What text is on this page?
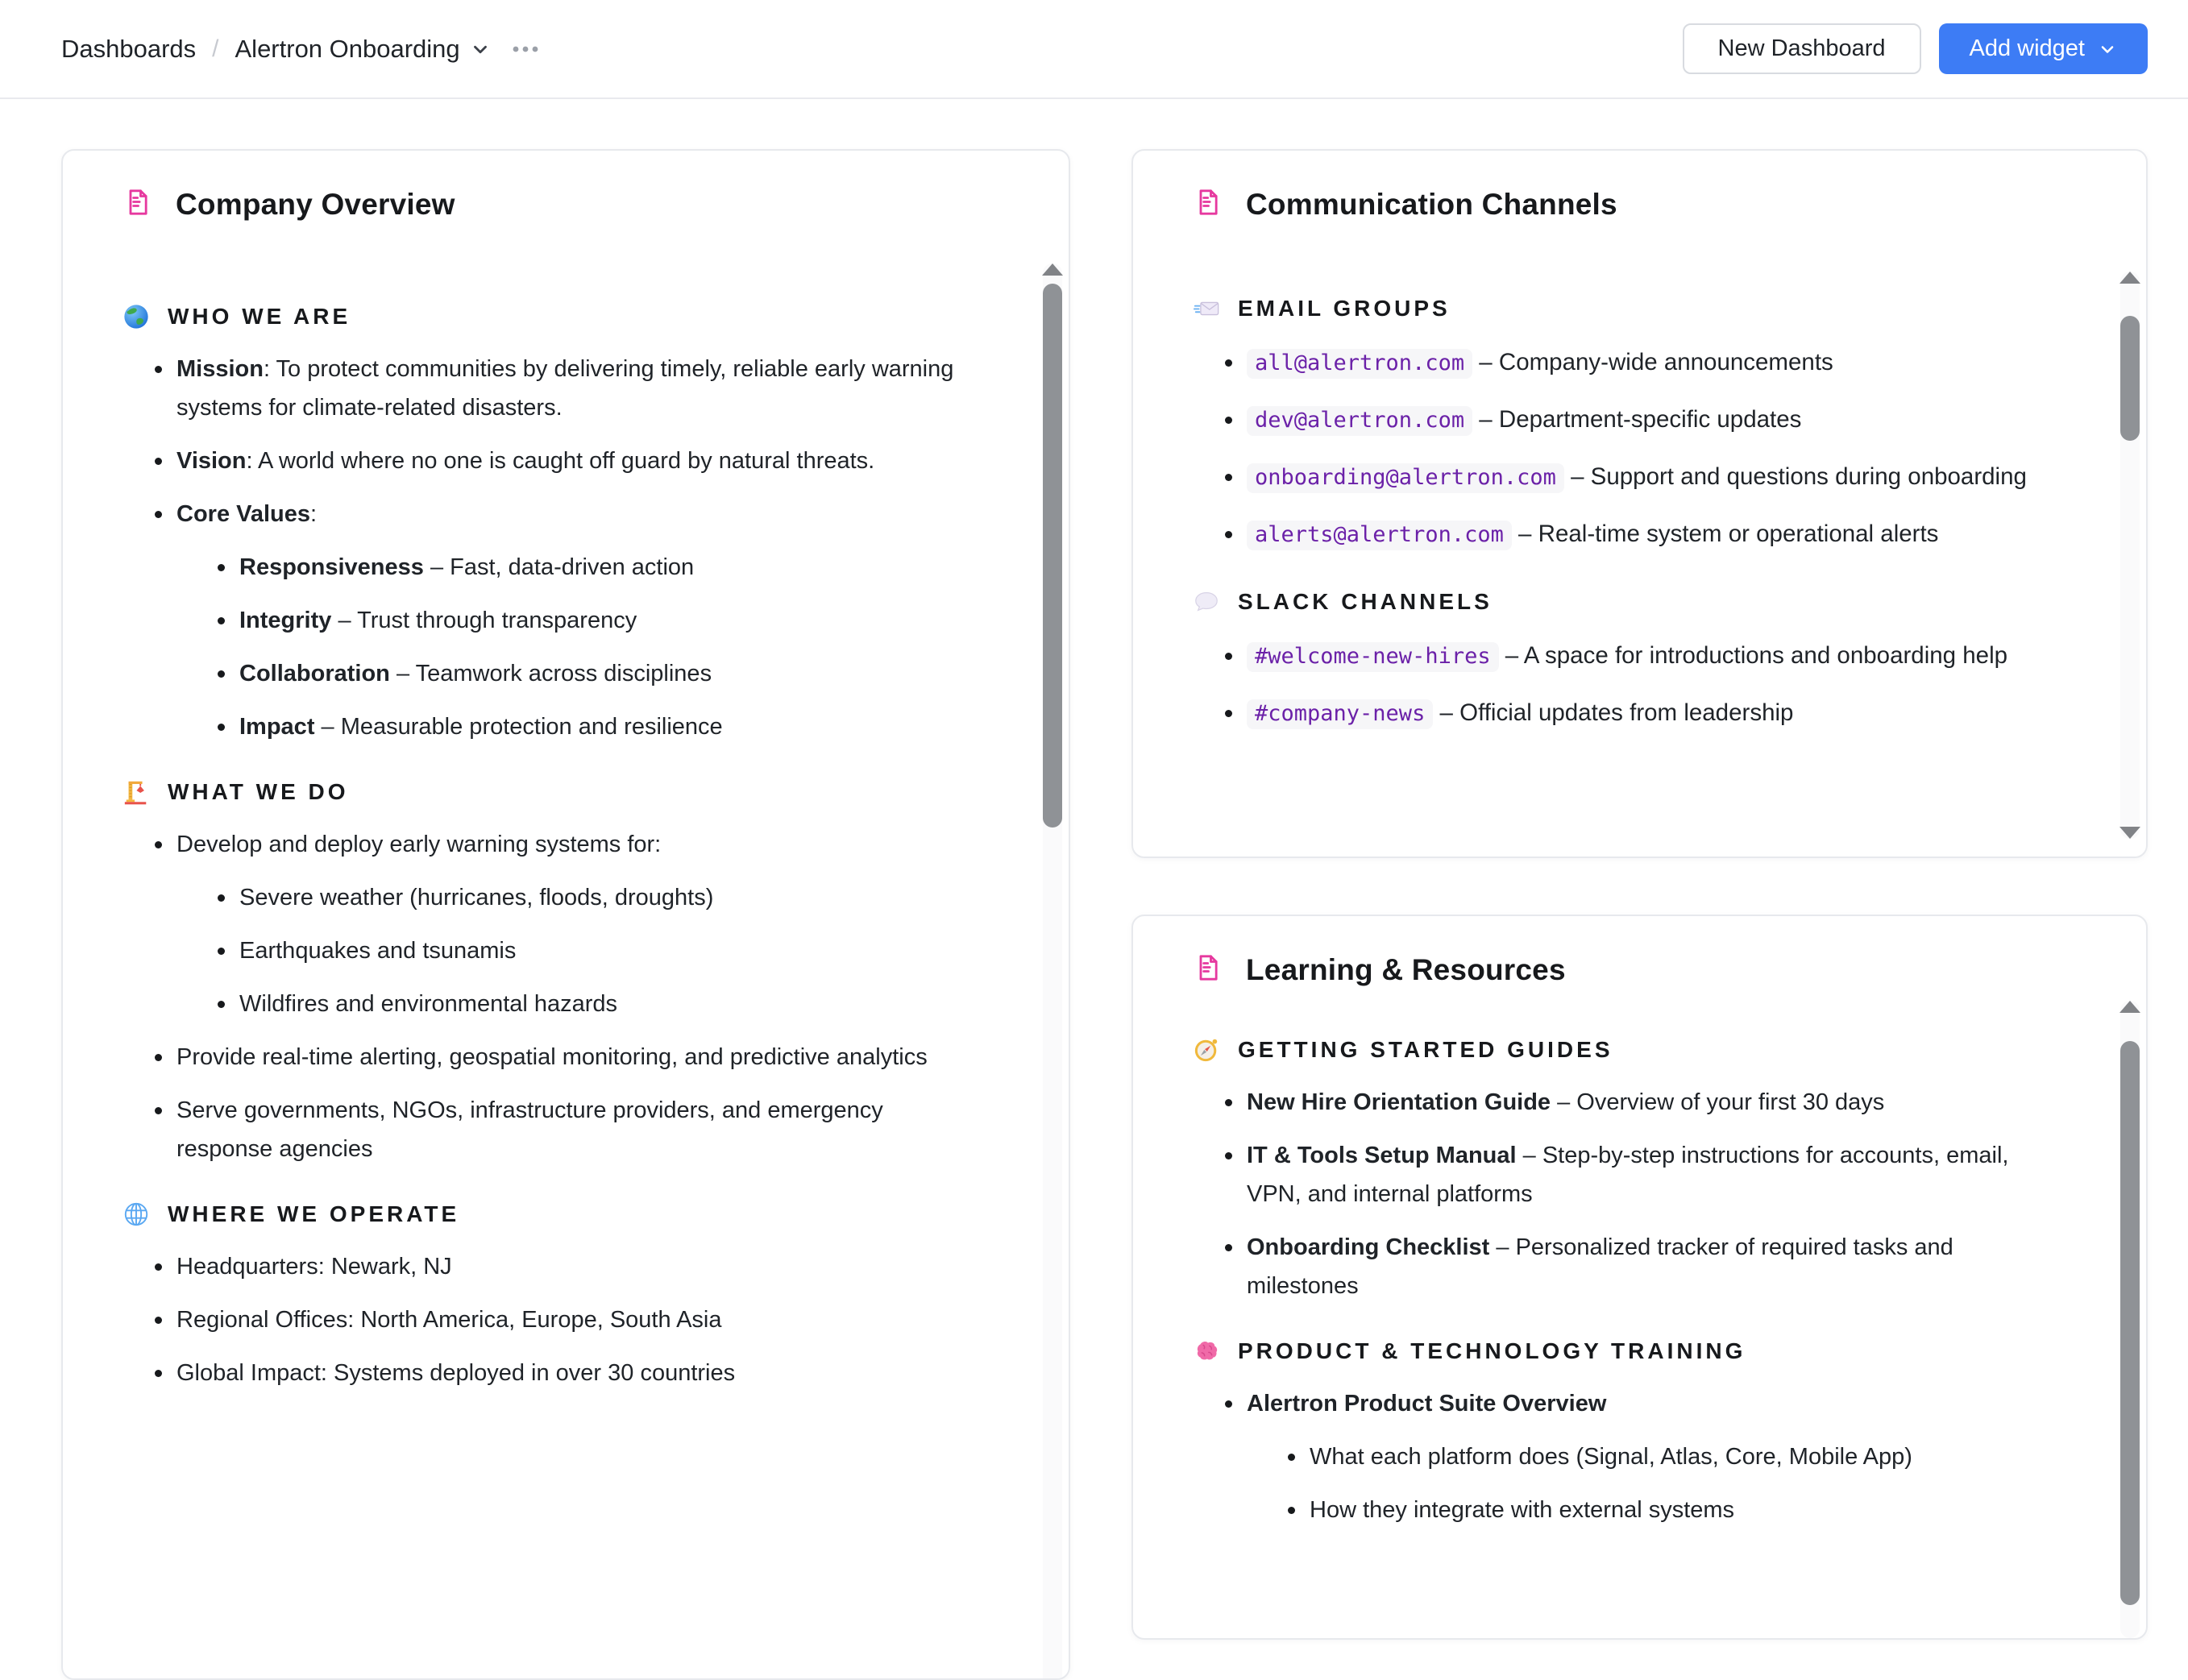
Dashboards / Alertron Onboarding	New Dashboard	Add widget
Company Overview
WHO WE ARE
Mission: To protect communities by delivering timely, reliable early warning systems for climate-related disasters.
Vision: A world where no one is caught off guard by natural threats.
Core Values:
Responsiveness – Fast, data-driven action
Integrity – Trust through transparency
Collaboration – Teamwork across disciplines
Impact – Measurable protection and resilience
WHAT WE DO
Develop and deploy early warning systems for:
Severe weather (hurricanes, floods, droughts)
Earthquakes and tsunamis
Wildfires and environmental hazards
Provide real-time alerting, geospatial monitoring, and predictive analytics
Serve governments, NGOs, infrastructure providers, and emergency response agencies
WHERE WE OPERATE
Headquarters: Newark, NJ
Regional Offices: North America, Europe, South Asia
Global Impact: Systems deployed in over 30 countries
Communication Channels
EMAIL GROUPS
all@alertron.com – Company-wide announcements
dev@alertron.com – Department-specific updates
onboarding@alertron.com – Support and questions during onboarding
alerts@alertron.com – Real-time system or operational alerts
SLACK CHANNELS
#welcome-new-hires – A space for introductions and onboarding help
#company-news – Official updates from leadership
Learning & Resources
GETTING STARTED GUIDES
New Hire Orientation Guide – Overview of your first 30 days
IT & Tools Setup Manual – Step-by-step instructions for accounts, email, VPN, and internal platforms
Onboarding Checklist – Personalized tracker of required tasks and milestones
PRODUCT & TECHNOLOGY TRAINING
Alertron Product Suite Overview
What each platform does (Signal, Atlas, Core, Mobile App)
How they integrate with external systems
